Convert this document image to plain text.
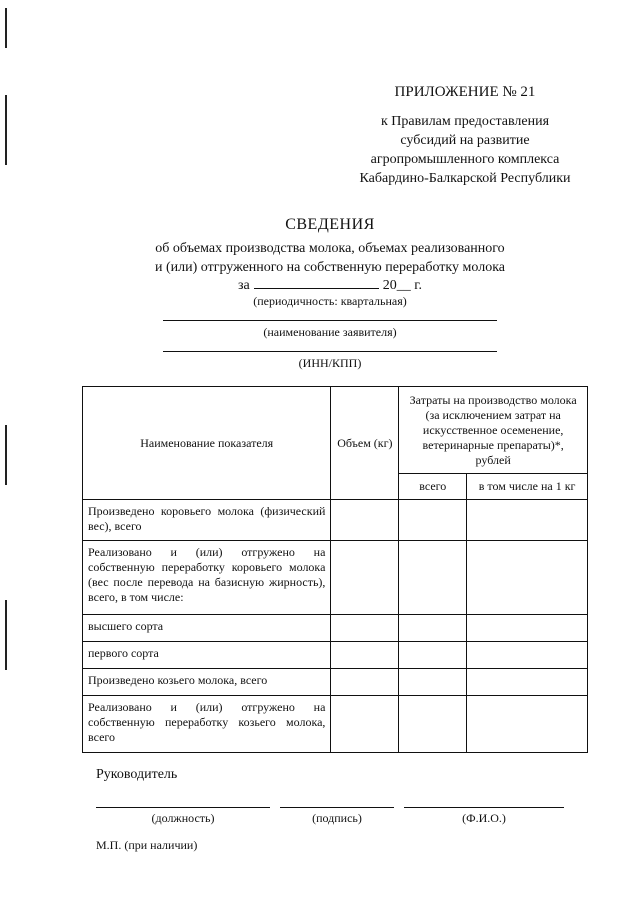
ПРИЛОЖЕНИЕ № 21
к Правилам предоставления
субсидий на развитие
агропромышленного комплекса
Кабардино-Балкарской Республики
СВЕДЕНИЯ
об объемах производства молока, объемах реализованного
и (или) отгруженного на собственную переработку молока
за	20__ г.
(периодичность: квартальная)
(наименование заявителя)
(ИНН/КПП)
Наименование показателя	Объем (кг)	Затраты на производство молока (за исключением затрат на искусственное осеменение, ветеринарные препараты)*, рублей	
		всего	в том числе на 1 кг
Произведено коровьего молока (физический вес), всего			
Реализовано и (или) отгружено на собственную переработку коровьего молока (вес после перевода на базисную жирность), всего, в том числе:			
высшего сорта			
первого сорта			
Произведено козьего молока, всего			
Реализовано и (или) отгружено на собственную переработку козьего молока, всего			
Руководитель
(должность)	(подпись)	(Ф.И.О.)
М.П. (при наличии)
